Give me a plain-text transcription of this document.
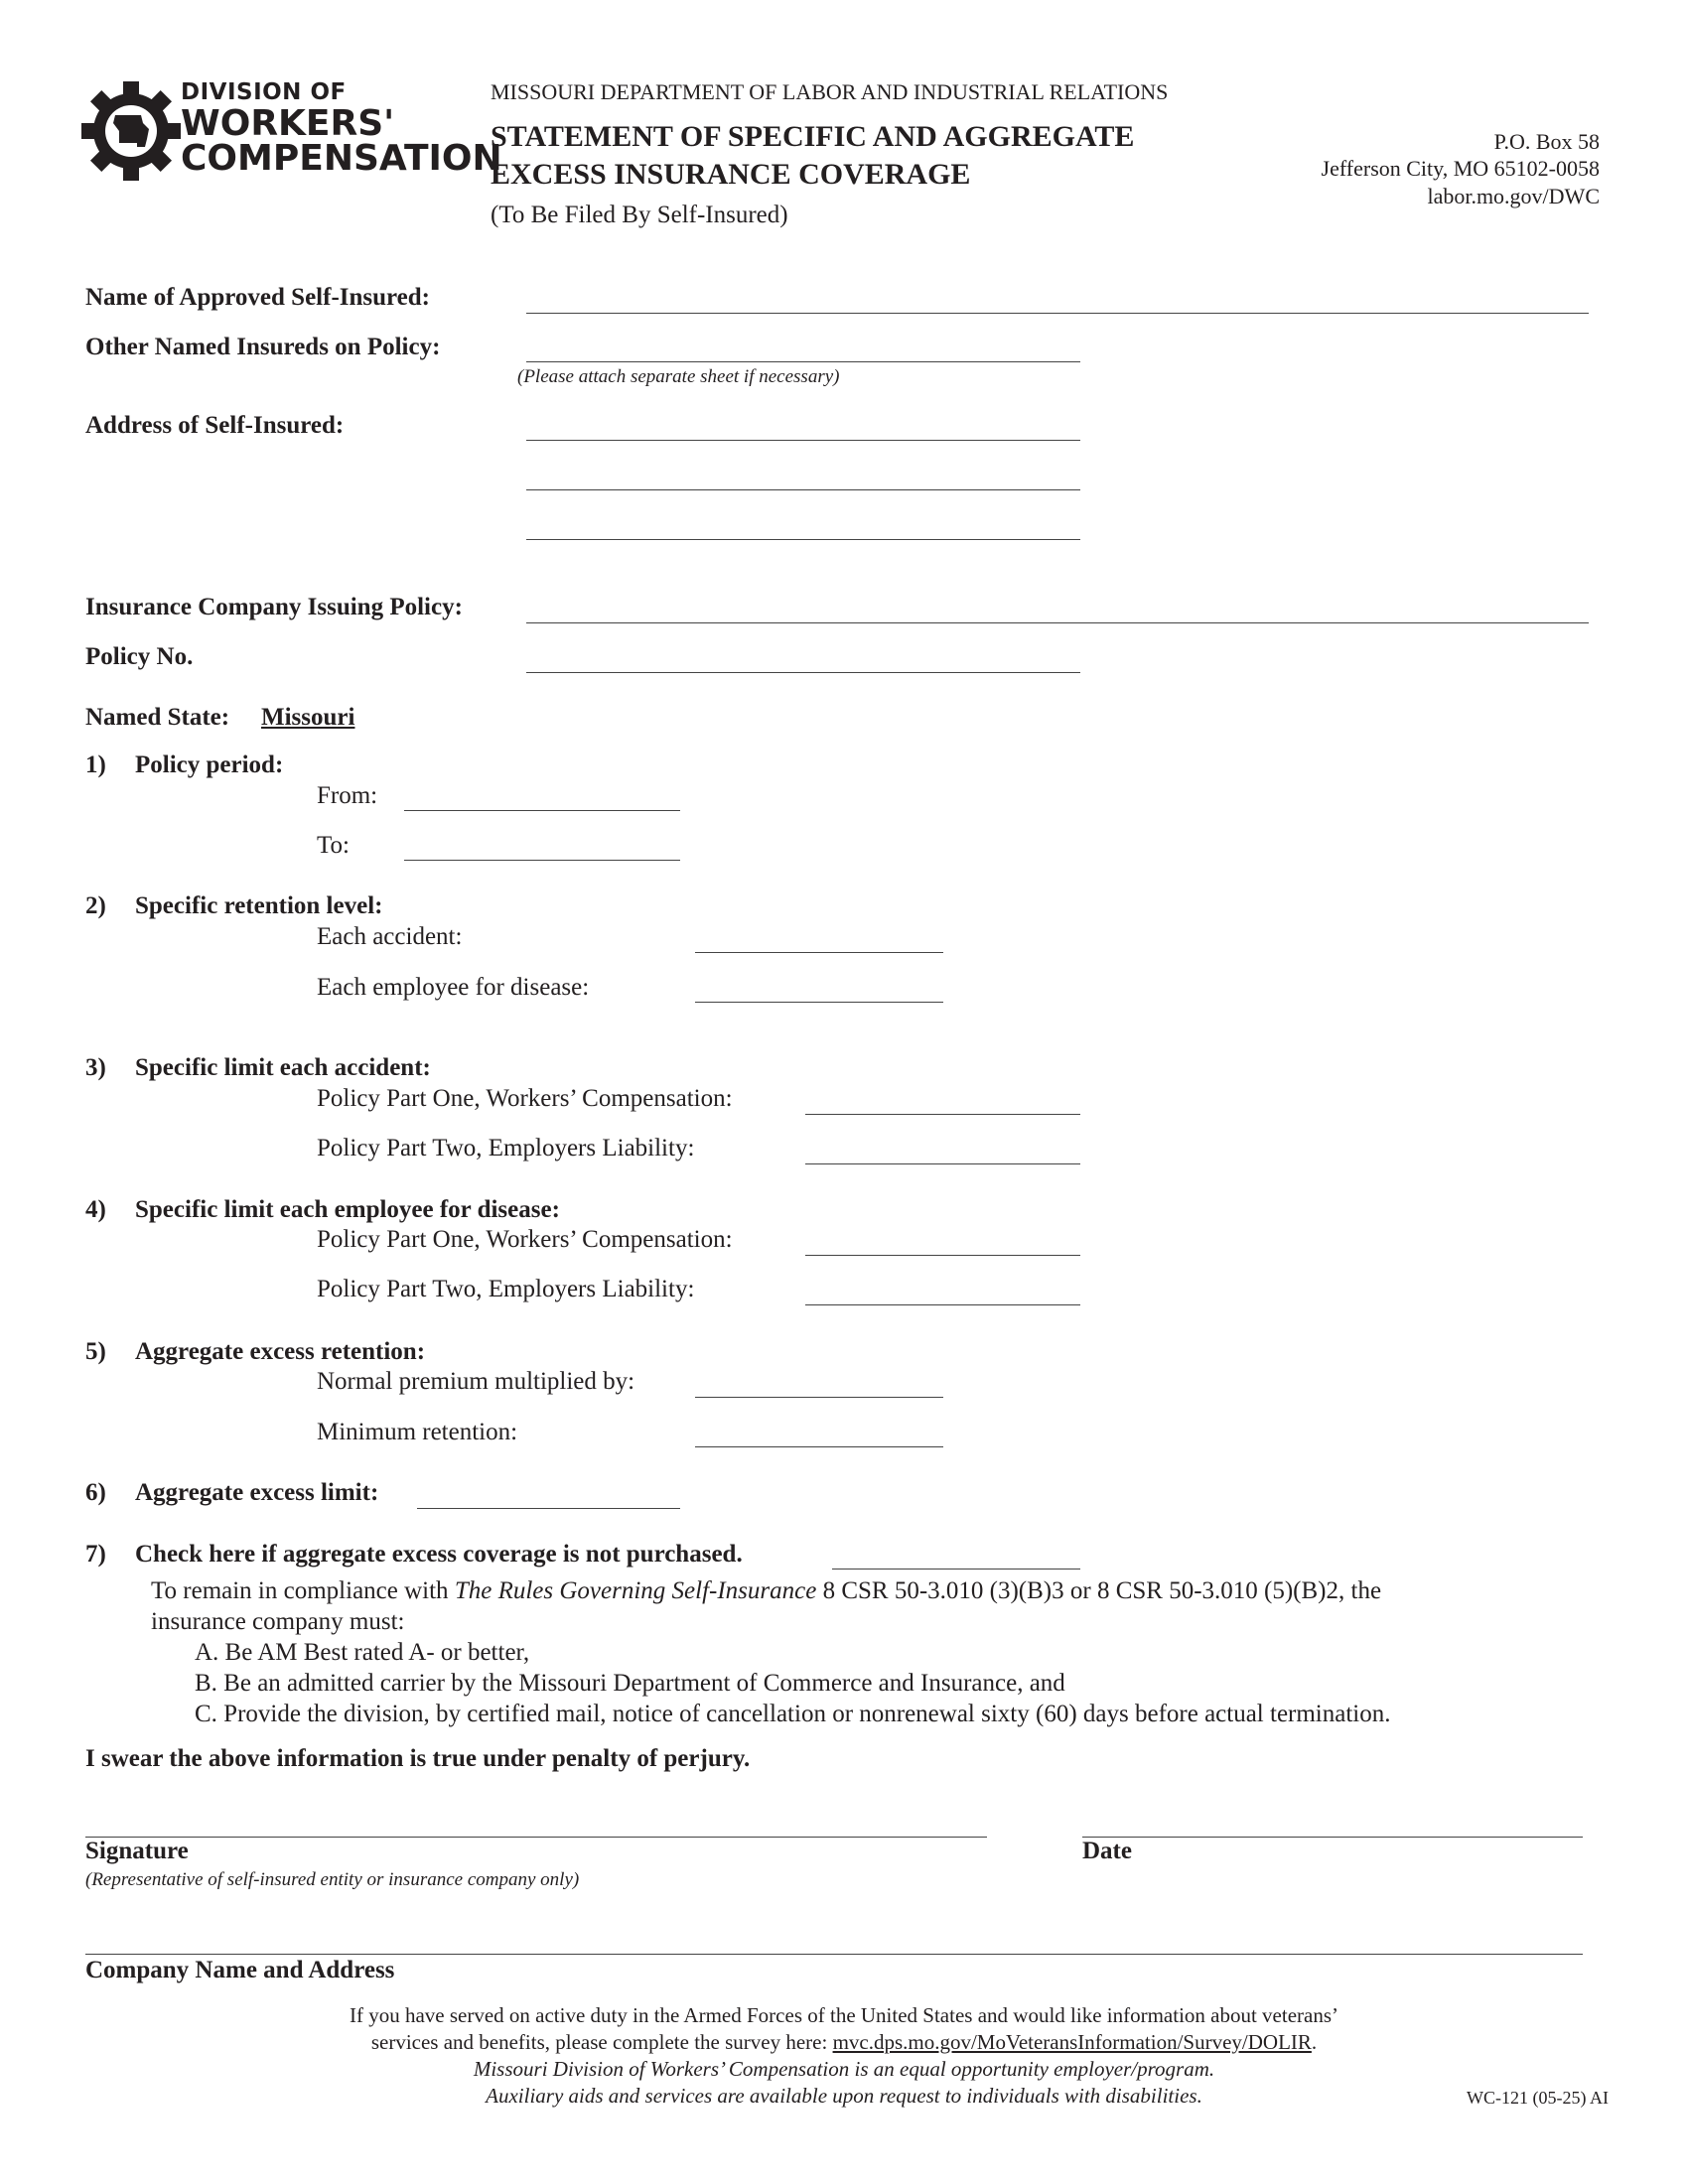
DIVISION OF
WORKERS'
COMPENSATION
MISSOURI DEPARTMENT OF LABOR AND INDUSTRIAL RELATIONS
STATEMENT OF SPECIFIC AND AGGREGATE
EXCESS INSURANCE COVERAGE
(To Be Filed By Self-Insured)
P.O. Box 58
Jefferson City, MO 65102-0058
labor.mo.gov/DWC
Name of Approved Self-Insured:
Other Named Insureds on Policy:
(Please attach separate sheet if necessary)
Address of Self-Insured:
Insurance Company Issuing Policy:
Policy No.
Named State: Missouri
1) Policy period:
From:
To:
2) Specific retention level:
Each accident:
Each employee for disease:
3) Specific limit each accident:
Policy Part One, Workers’ Compensation:
Policy Part Two, Employers Liability:
4) Specific limit each employee for disease:
Policy Part One, Workers’ Compensation:
Policy Part Two, Employers Liability:
5) Aggregate excess retention:
Normal premium multiplied by:
Minimum retention:
6) Aggregate excess limit:
7) Check here if aggregate excess coverage is not purchased.
To remain in compliance with The Rules Governing Self-Insurance 8 CSR 50-3.010 (3)(B)3 or 8 CSR 50-3.010 (5)(B)2, the
insurance company must:
A. Be AM Best rated A- or better,
B. Be an admitted carrier by the Missouri Department of Commerce and Insurance, and
C. Provide the division, by certified mail, notice of cancellation or nonrenewal sixty (60) days before actual termination.
I swear the above information is true under penalty of perjury.
Signature
(Representative of self-insured entity or insurance company only)
Date
Company Name and Address
If you have served on active duty in the Armed Forces of the United States and would like information about veterans’
services and benefits, please complete the survey here: mvc.dps.mo.gov/MoVeteransInformation/Survey/DOLIR.
Missouri Division of Workers’ Compensation is an equal opportunity employer/program.
Auxiliary aids and services are available upon request to individuals with disabilities.	WC-121 (05-25) AI
